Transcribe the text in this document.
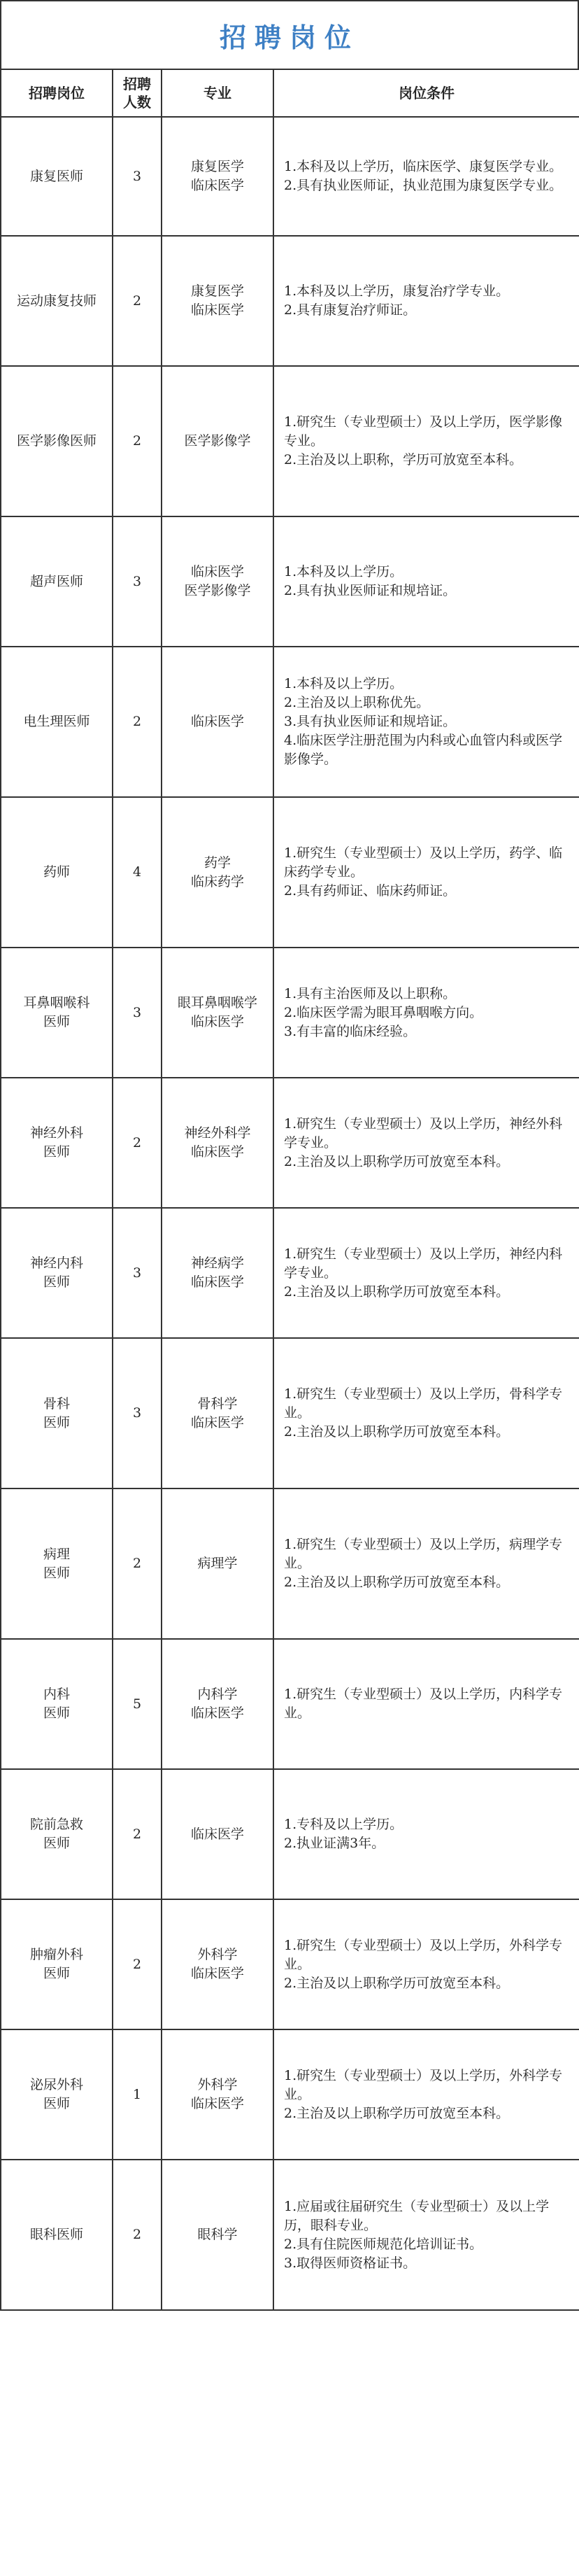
招聘岗位
招聘岗位	招聘
人数	专业	岗位条件

康复医师	3	康复医学
临床医学	1.本科及以上学历，临床医学、康复医学专业。
2.具有执业医师证，执业范围为康复医学专业。

运动康复技师	2	康复医学
临床医学	1.本科及以上学历，康复治疗学专业。
2.具有康复治疗师证。

医学影像医师	2	医学影像学	1.研究生（专业型硕士）及以上学历，医学影像专业。
2.主治及以上职称，学历可放宽至本科。

超声医师	3	临床医学
医学影像学	1.本科及以上学历。
2.具有执业医师证和规培证。

电生理医师	2	临床医学	1.本科及以上学历。
2.主治及以上职称优先。
3.具有执业医师证和规培证。
4.临床医学注册范围为内科或心血管内科或医学影像学。

药师	4	药学
临床药学	1.研究生（专业型硕士）及以上学历，药学、临床药学专业。
2.具有药师证、临床药师证。

耳鼻咽喉科
医师	3	眼耳鼻咽喉学
临床医学	1.具有主治医师及以上职称。
2.临床医学需为眼耳鼻咽喉方向。
3.有丰富的临床经验。

神经外科
医师	2	神经外科学
临床医学	1.研究生（专业型硕士）及以上学历，神经外科学专业。
2.主治及以上职称学历可放宽至本科。

神经内科
医师	3	神经病学
临床医学	1.研究生（专业型硕士）及以上学历，神经内科学专业。
2.主治及以上职称学历可放宽至本科。

骨科
医师	3	骨科学
临床医学	1.研究生（专业型硕士）及以上学历，骨科学专业。
2.主治及以上职称学历可放宽至本科。

病理
医师	2	病理学	1.研究生（专业型硕士）及以上学历，病理学专业。
2.主治及以上职称学历可放宽至本科。

内科
医师	5	内科学
临床医学	1.研究生（专业型硕士）及以上学历，内科学专业。

院前急救
医师	2	临床医学	1.专科及以上学历。
2.执业证满3年。

肿瘤外科
医师	2	外科学
临床医学	1.研究生（专业型硕士）及以上学历，外科学专业。
2.主治及以上职称学历可放宽至本科。

泌尿外科
医师	1	外科学
临床医学	1.研究生（专业型硕士）及以上学历，外科学专业。
2.主治及以上职称学历可放宽至本科。

眼科医师	2	眼科学	1.应届或往届研究生（专业型硕士）及以上学历，眼科专业。
2.具有住院医师规范化培训证书。
3.取得医师资格证书。
